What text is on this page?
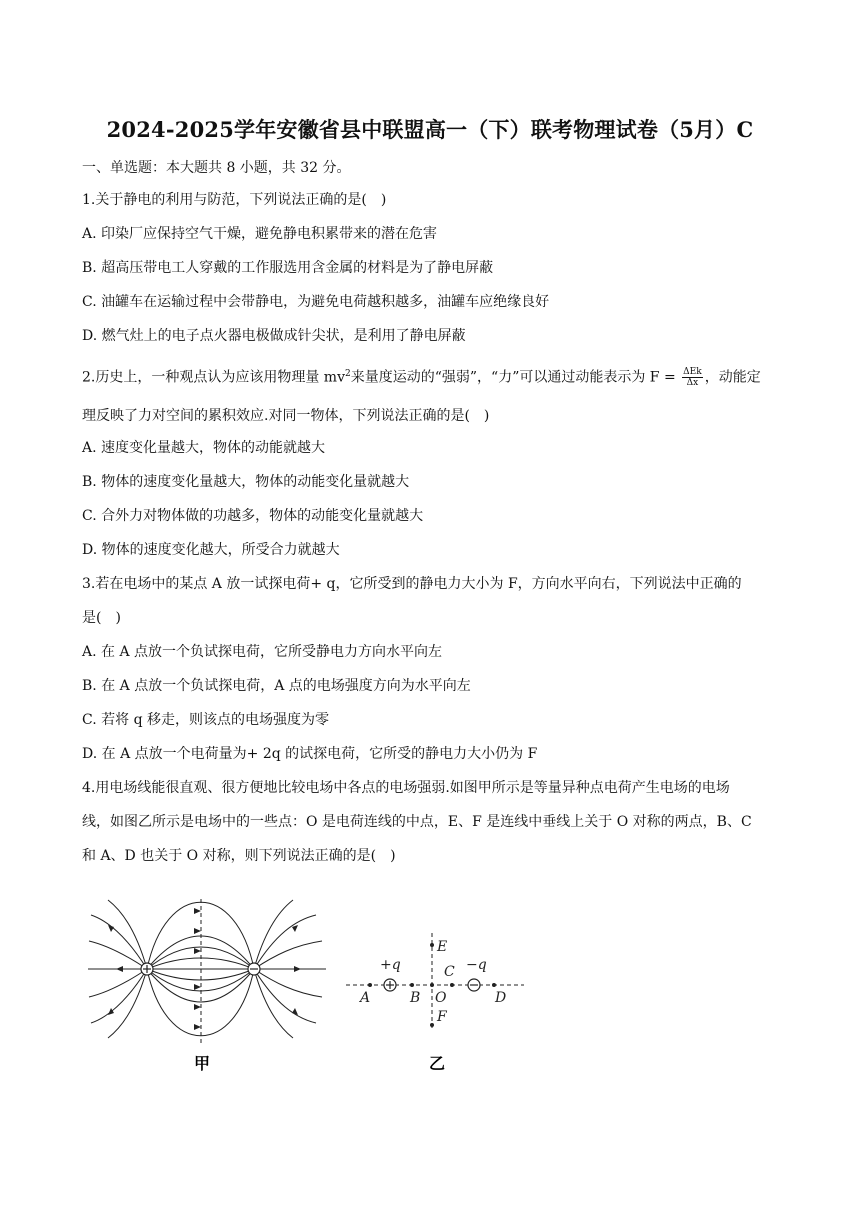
2024-2025学年安徽省县中联盟高一（下）联考物理试卷（5月）C
一、单选题：本大题共 8 小题，共 32 分。
1.关于静电的利用与防范，下列说法正确的是(　)
A. 印染厂应保持空气干燥，避免静电积累带来的潜在危害
B. 超高压带电工人穿戴的工作服选用含金属的材料是为了静电屏蔽
C. 油罐车在运输过程中会带静电，为避免电荷越积越多，油罐车应绝缘良好
D. 燃气灶上的电子点火器电极做成针尖状，是利用了静电屏蔽
2.历史上，一种观点认为应该用物理量 $mv^2$来量度运动的“强弱”，“力”可以通过动能表示为 $F = \frac{\text{ΔEk}}{\Delta x}$ ，动能定
理反映了力对空间的累积效应.对同一物体，下列说法正确的是(　)
A. 速度变化量越大，物体的动能就越大
B. 物体的速度变化量越大，物体的动能变化量就越大
C. 合外力对物体做的功越多，物体的动能变化量就越大
D. 物体的速度变化越大，所受合力就越大
3.若在电场中的某点 A 放一试探电荷+ q，它所受到的静电力大小为 F，方向水平向右，下列说法中正确的
是(　)
A. 在 A 点放一个负试探电荷，它所受静电力方向水平向左
B. 在 A 点放一个负试探电荷，A 点的电场强度方向为水平向左
C. 若将 q 移走，则该点的电场强度为零
D. 在 A 点放一个电荷量为+ 2q 的试探电荷，它所受的静电力大小仍为 F
4.用电场线能很直观、很方便地比较电场中各点的电场强弱.如图甲所示是等量异种点电荷产生电场的电场
线，如图乙所示是电场中的一些点：O 是电荷连线的中点，E、F 是连线中垂线上关于 O 对称的两点，B、C
和 A、D 也关于 O 对称，则下列说法正确的是(　)
甲
+q	−q
A	B
C
O	D
E
F
乙
